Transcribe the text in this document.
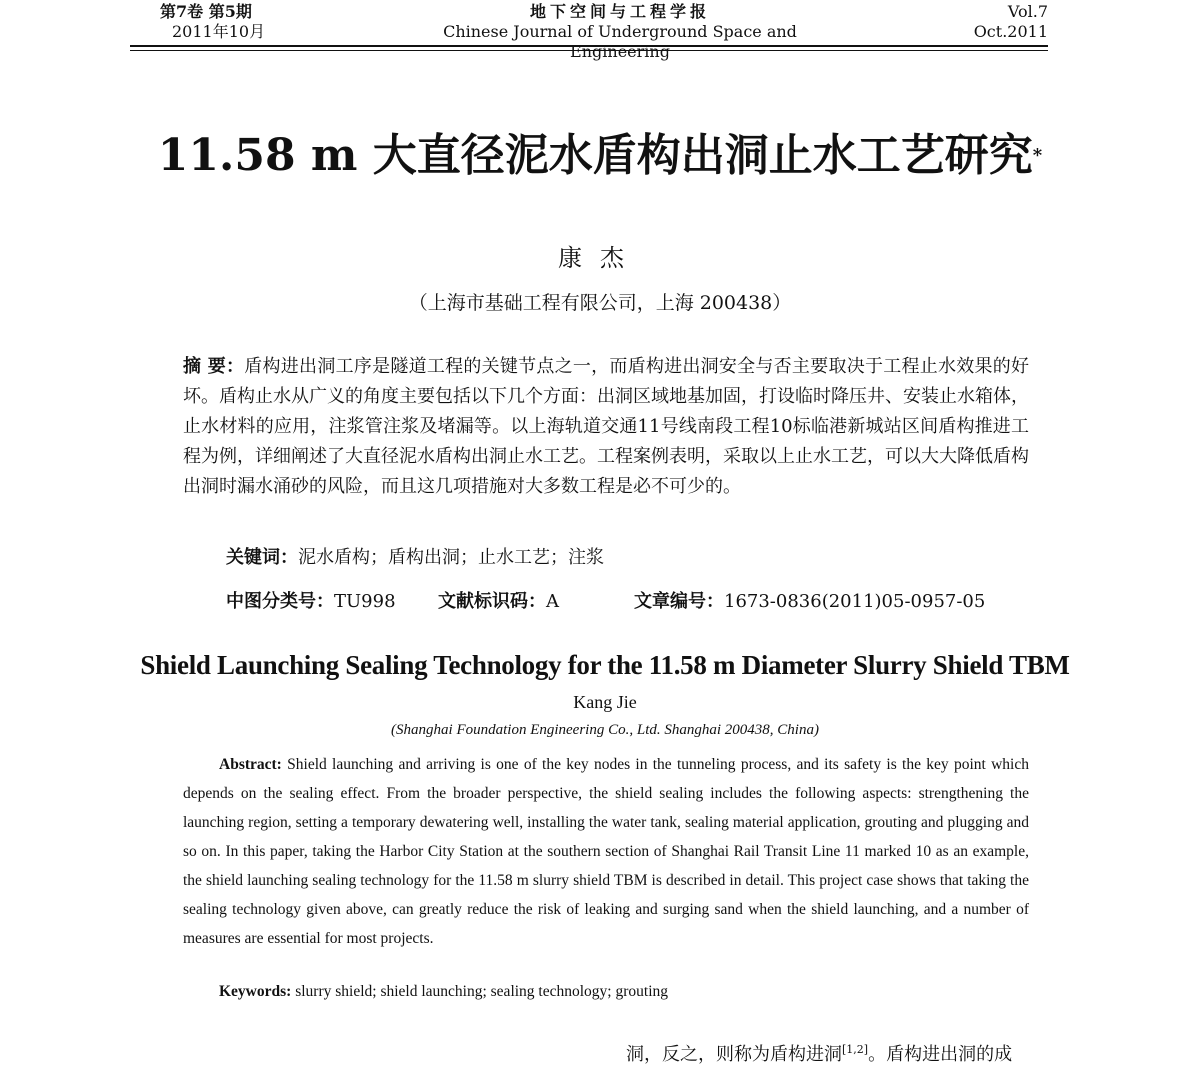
第7卷 第5期
2011年10月
地下空间与工程学报
Chinese Journal of Underground Space and Engineering
Vol.7
Oct.2011
11.58 m 大直径泥水盾构出洞止水工艺研究*
康杰
（上海市基础工程有限公司，上海 200438）
摘 要：盾构进出洞工序是隧道工程的关键节点之一，而盾构进出洞安全与否主要取决于工程止水效果的好坏。盾构止水从广义的角度主要包括以下几个方面：出洞区域地基加固，打设临时降压井、安装止水箱体，止水材料的应用，注浆管注浆及堵漏等。以上海轨道交通11号线南段工程10标临港新城站区间盾构推进工程为例，详细阐述了大直径泥水盾构出洞止水工艺。工程案例表明，采取以上止水工艺，可以大大降低盾构出洞时漏水涌砂的风险，而且这几项措施对大多数工程是必不可少的。
关键词：泥水盾构；盾构出洞；止水工艺；注浆
中图分类号：TU998	文献标识码：A	文章编号：1673-0836(2011)05-0957-05
Shield Launching Sealing Technology for the 11.58 m Diameter Slurry Shield TBM
Kang Jie
(Shanghai Foundation Engineering Co., Ltd. Shanghai 200438, China)
Abstract: Shield launching and arriving is one of the key nodes in the tunneling process, and its safety is the key point which depends on the sealing effect. From the broader perspective, the shield sealing includes the following aspects: strengthening the launching region, setting a temporary dewatering well, installing the water tank, sealing material application, grouting and plugging and so on. In this paper, taking the Harbor City Station at the southern section of Shanghai Rail Transit Line 11 marked 10 as an example, the shield launching sealing technology for the 11.58 m slurry shield TBM is described in detail. This project case shows that taking the sealing technology given above, can greatly reduce the risk of leaking and surging sand when the shield launching, and a number of measures are essential for most projects.
Keywords: slurry shield; shield launching; sealing technology; grouting
洞，反之，则称为盾构进洞[1,2]。盾构进出洞的成
